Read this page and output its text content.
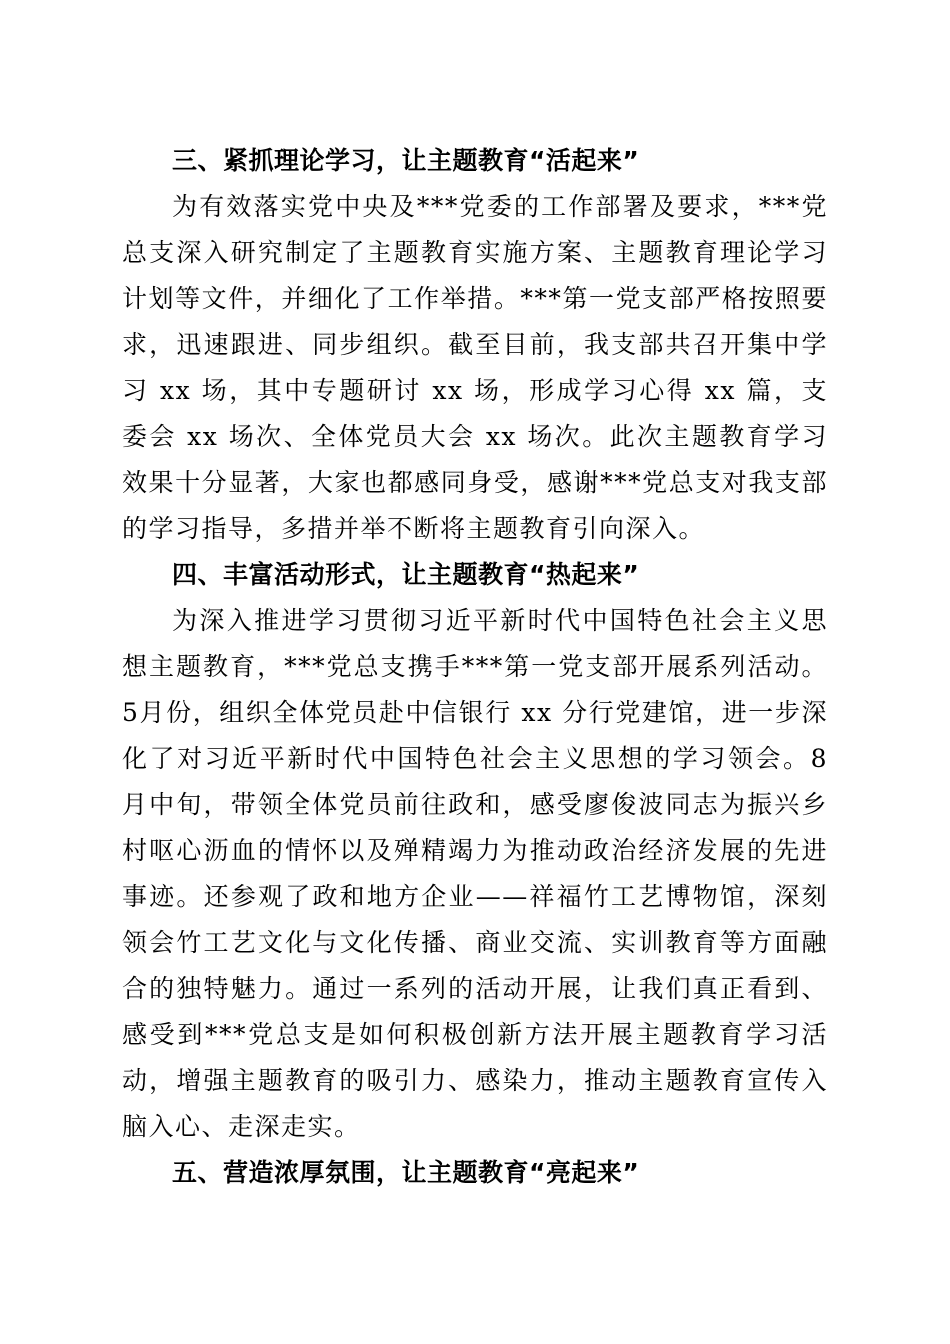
三、紧抓理论学习，让主题教育“活起来”

为有效落实党中央及***党委的工作部署及要求，***党总支深入研究制定了主题教育实施方案、主题教育理论学习计划等文件，并细化了工作举措。***第一党支部严格按照要求，迅速跟进、同步组织。截至目前，我支部共召开集中学习 xx 场，其中专题研讨 xx 场，形成学习心得 xx 篇，支委会 xx 场次、全体党员大会 xx 场次。此次主题教育学习效果十分显著，大家也都感同身受，感谢***党总支对我支部的学习指导，多措并举不断将主题教育引向深入。

四、丰富活动形式，让主题教育“热起来”

为深入推进学习贯彻习近平新时代中国特色社会主义思想主题教育，***党总支携手***第一党支部开展系列活动。5月份，组织全体党员赴中信银行 xx 分行党建馆，进一步深化了对习近平新时代中国特色社会主义思想的学习领会。8月中旬，带领全体党员前往政和，感受廖俊波同志为振兴乡村呕心沥血的情怀以及殚精竭力为推动政治经济发展的先进事迹。还参观了政和地方企业——祥福竹工艺博物馆，深刻领会竹工艺文化与文化传播、商业交流、实训教育等方面融合的独特魅力。通过一系列的活动开展，让我们真正看到、感受到***党总支是如何积极创新方法开展主题教育学习活动，增强主题教育的吸引力、感染力，推动主题教育宣传入脑入心、走深走实。

五、营造浓厚氛围，让主题教育“亮起来”
